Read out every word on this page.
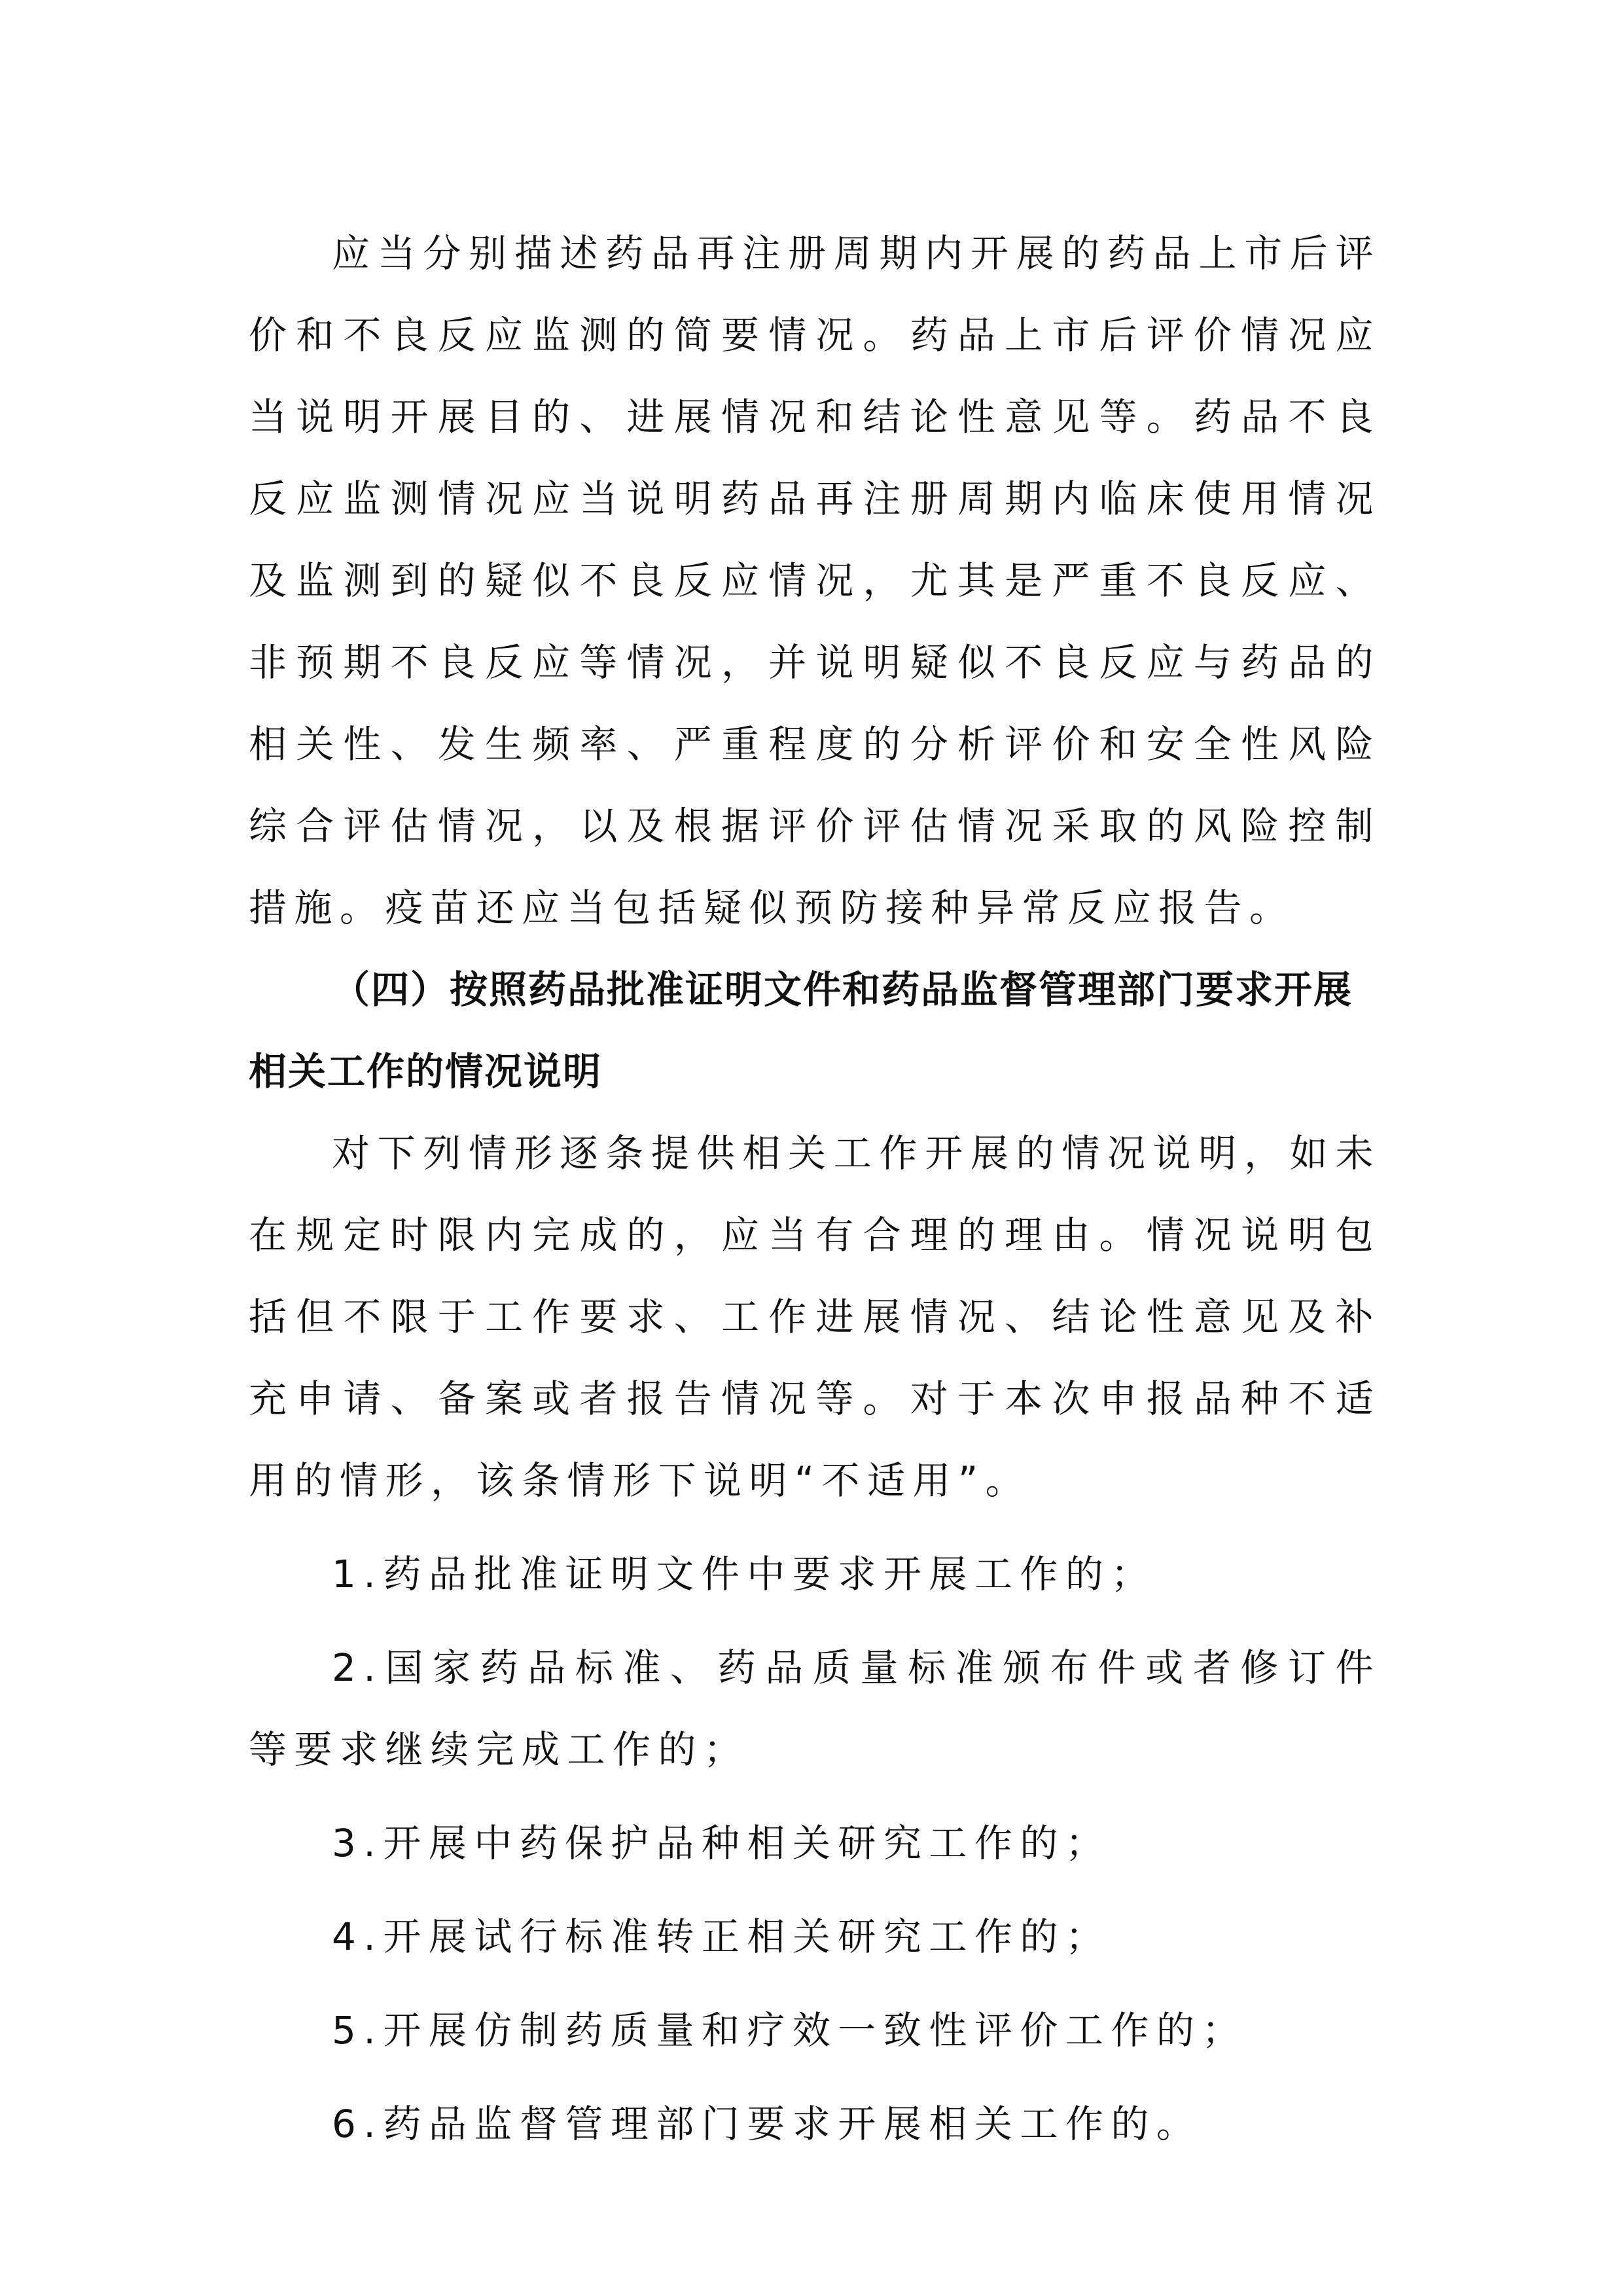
应当分别描述药品再注册周期内开展的药品上市后评价和不良反应监测的简要情况。药品上市后评价情况应当说明开展目的、进展情况和结论性意见等。药品不良反应监测情况应当说明药品再注册周期内临床使用情况及监测到的疑似不良反应情况，尤其是严重不良反应、非预期不良反应等情况，并说明疑似不良反应与药品的相关性、发生频率、严重程度的分析评价和安全性风险综合评估情况，以及根据评价评估情况采取的风险控制措施。疫苗还应当包括疑似预防接种异常反应报告。

（四）按照药品批准证明文件和药品监督管理部门要求开展相关工作的情况说明

对下列情形逐条提供相关工作开展的情况说明，如未在规定时限内完成的，应当有合理的理由。情况说明包括但不限于工作要求、工作进展情况、结论性意见及补充申请、备案或者报告情况等。对于本次申报品种不适用的情形，该条情形下说明“不适用”。

1.药品批准证明文件中要求开展工作的；

2.国家药品标准、药品质量标准颁布件或者修订件等要求继续完成工作的；

3.开展中药保护品种相关研究工作的；

4.开展试行标准转正相关研究工作的；

5.开展仿制药质量和疗效一致性评价工作的；

6.药品监督管理部门要求开展相关工作的。
